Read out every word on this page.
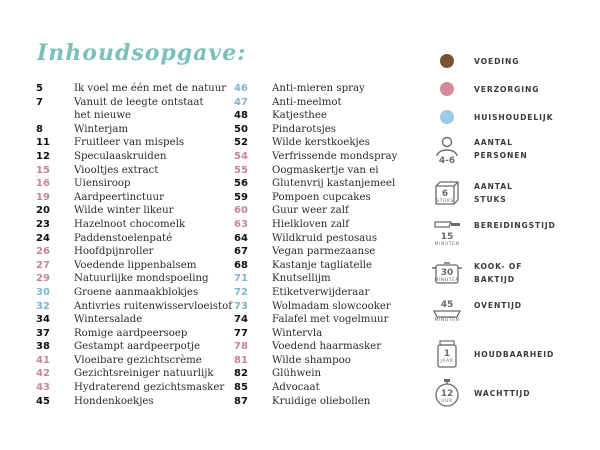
Inhoudsopgave:
5	Ik voel me één met de natuur
7	Vanuit de leegte ontstaat
het nieuwe
8	Winterjam
11	Fruitleer van mispels
12	Speculaaskruiden
15	Viooltjes extract
16	Uiensiroop
19	Aardpeertinctuur
20	Wilde winter likeur
23	Hazelnoot chocomelk
24	Paddenstoelenpaté
26	Hoofdpijnroller
27	Voedende lippenbalsem
29	Natuurlijke mondspoeling
30	Groene aanmaakblokjes
32	Antivries ruitenwisservloeistof
34	Wintersalade
37	Romige aardpeersoep
38	Gestampt aardpeerpotje
41	Vloeibare gezichtscrème
42	Gezichtsreiniger natuurlijk
43	Hydraterend gezichtsmasker
45	Hondenkoekjes
46	Anti-mieren spray
47	Anti-meelmot
48	Katjesthee
50	Pindarotsjes
52	Wilde kerstkoekjes
54	Verfrissende mondspray
55	Oogmaskertje van ei
56	Glutenvrij kastanjemeel
59	Pompoen cupcakes
60	Guur weer zalf
63	Hielkloven zalf
64	Wildkruid pestosaus
67	Vegan parmezaanse
68	Kastanje tagliatelle
71	Knutsellijm
72	Etiketverwijderaar
73	Wolmadam slowcooker
74	Falafel met vogelmuur
77	Wintervla
78	Voedend haarmasker
81	Wilde shampoo
82	Glühwein
85	Advocaat
87	Kruidige oliebollen
VOEDING
VERZORGING
HUISHOUDELIJK
4-6
AANTAL
PERSONEN
6
STUKS
AANTAL
STUKS
15
MINUTEN
BEREIDINGSTIJD
30
MINUTEN
KOOK- OF
BAKTIJD
45
MINUTEN
OVENTIJD
1
JAAR
HOUDBAARHEID
12
UUR
WACHTTIJD
